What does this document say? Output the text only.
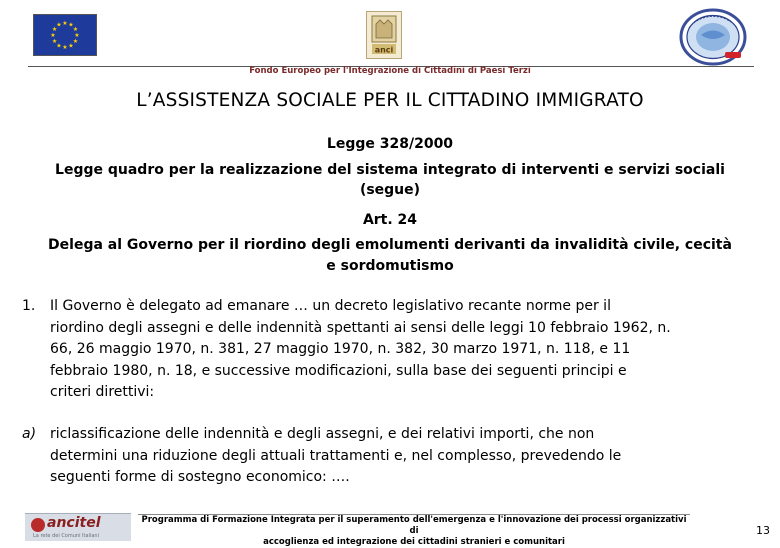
★ ★
★
★
★
★
★
★
★
★
★
★
anci
Fondo Europeo per l'Integrazione di Cittadini di Paesi Terzi
L’ASSISTENZA SOCIALE PER IL CITTADINO IMMIGRATO
Legge 328/2000
Legge quadro per la realizzazione del sistema integrato di interventi e servizi sociali
(segue)
Art. 24
Delega al Governo per il riordino degli emolumenti derivanti da invalidità civile, cecità
e sordomutismo
1. Il Governo è delegato ad emanare … un decreto legislativo recante norme per il
riordino degli assegni e delle indennità spettanti ai sensi delle leggi 10 febbraio 1962, n.
66, 26 maggio 1970, n. 381, 27 maggio 1970, n. 382, 30 marzo 1971, n. 118, e 11
febbraio 1980, n. 18, e successive modificazioni, sulla base dei seguenti principi e
criteri direttivi:
a) riclassificazione delle indennità e degli assegni, e dei relativi importi, che non
determini una riduzione degli attuali trattamenti e, nel complesso, prevedendo le
seguenti forme di sostegno economico: ….
ancitel
La rete dei Comuni Italiani
Programma di Formazione Integrata per il superamento dell'emergenza e l'innovazione dei processi organizzativi di
accoglienza ed integrazione dei cittadini stranieri e comunitari
13
